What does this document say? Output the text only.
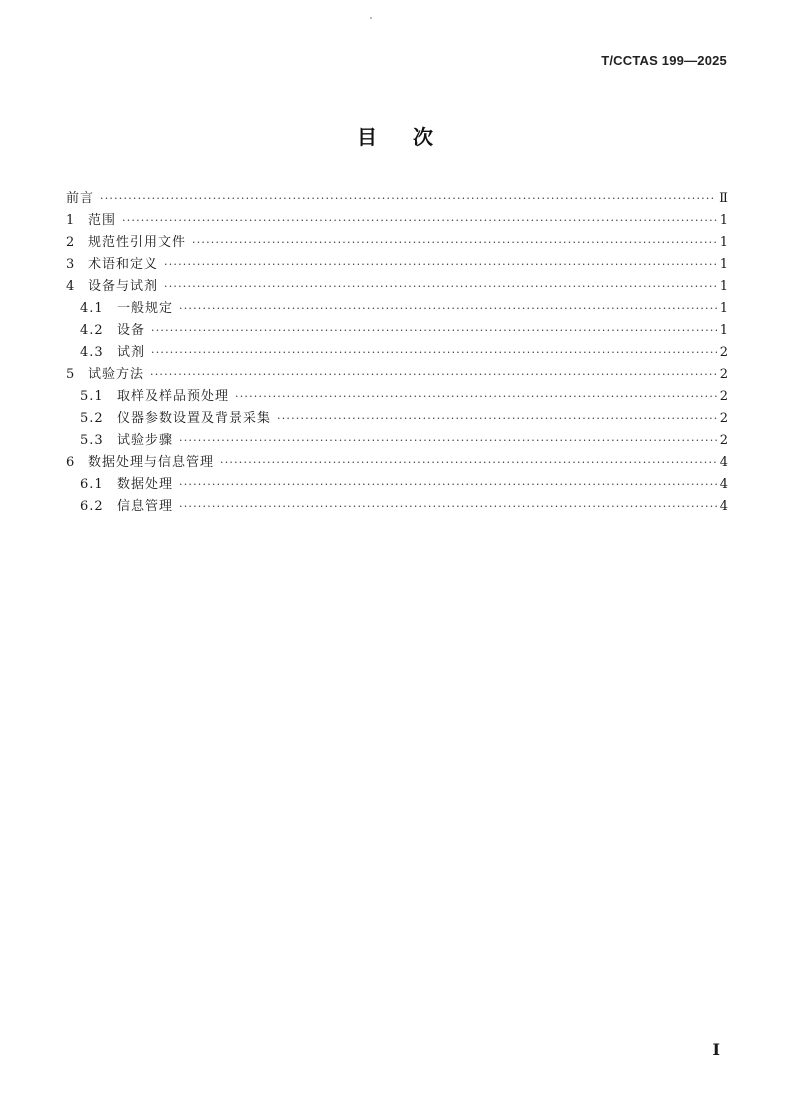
T/CCTAS 199—2025
目次
前言 ·····	Ⅱ
1	范围 ·····	1
2	规范性引用文件 ·····	1
3	术语和定义 ·····	1
4	设备与试剂 ·····	1
4.1	一般规定 ·····	1
4.2	设备 ·····	1
4.3	试剂 ·····	2
5	试验方法 ·····	2
5.1	取样及样品预处理 ·····	2
5.2	仪器参数设置及背景采集 ·····	2
5.3	试验步骤 ·····	2
6	数据处理与信息管理 ·····	4
6.1	数据处理 ·····	4
6.2	信息管理 ·····	4
I
